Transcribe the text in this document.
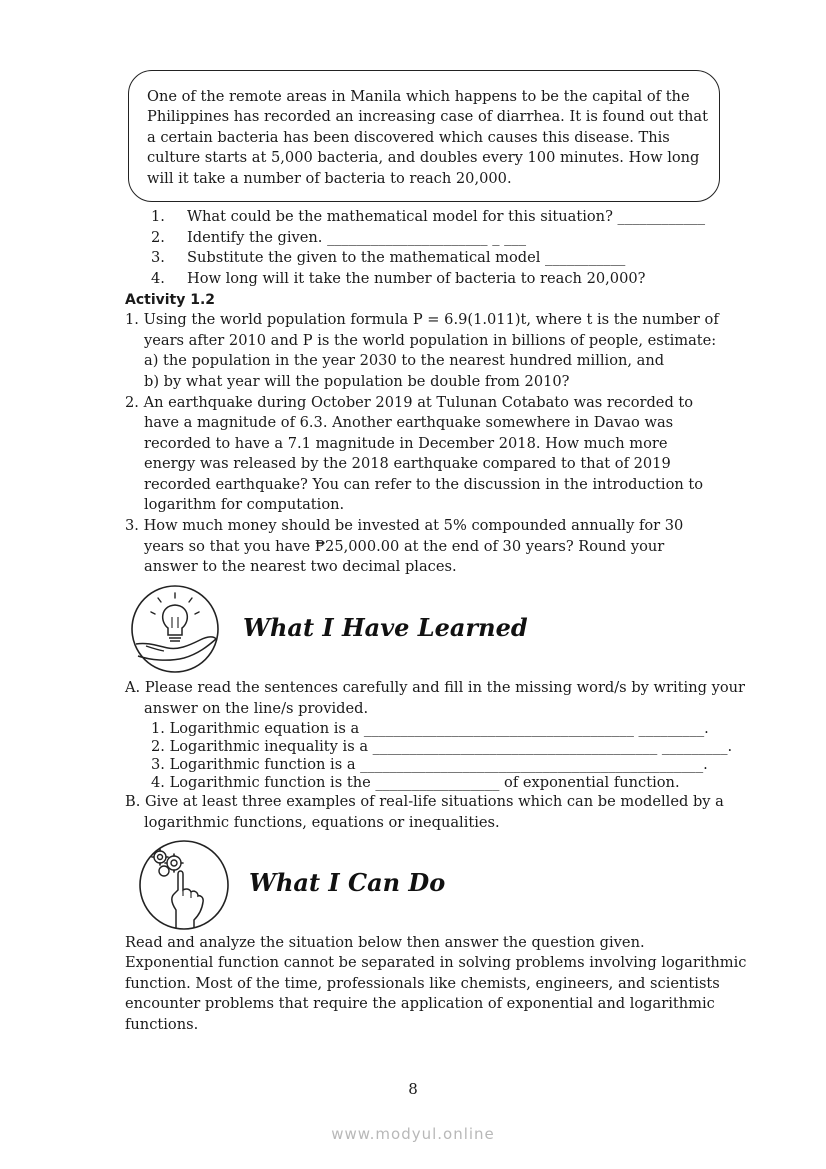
One of the remote areas in Manila which happens to be the capital of the
Philippines has recorded an increasing case of diarrhea. It is found out that
a certain bacteria has been discovered which causes this disease. This
culture starts at 5,000 bacteria, and doubles every 100 minutes. How long
will it take a number of bacteria to reach 20,000.
1. What could be the mathematical model for this situation? ____________
2. Identify the given. ______________________ _ ___
3. Substitute the given to the mathematical model ___________
4. How long will it take the number of bacteria to reach 20,000?
Activity 1.2
1. Using the world population formula P = 6.9(1.011)t, where t is the number of
years after 2010 and P is the world population in billions of people, estimate:
a) the population in the year 2030 to the nearest hundred million, and
b) by what year will the population be double from 2010?
2. An earthquake during October 2019 at Tulunan Cotabato was recorded to
have a magnitude of 6.3. Another earthquake somewhere in Davao was
recorded to have a 7.1 magnitude in December 2018. How much more
energy was released by the 2018 earthquake compared to that of 2019
recorded earthquake? You can refer to the discussion in the introduction to
logarithm for computation.
3. How much money should be invested at 5% compounded annually for 30
years so that you have ₱25,000.00 at the end of 30 years? Round your
answer to the nearest two decimal places.
What I Have Learned
A. Please read the sentences carefully and fill in the missing word/s by writing your
answer on the line/s provided.
1. Logarithmic equation is a _____________________________________ _________.
2. Logarithmic inequality is a _______________________________________ _________.
3. Logarithmic function is a _______________________________________________.
4. Logarithmic function is the _________________ of exponential function.
B. Give at least three examples of real-life situations which can be modelled by a
logarithmic functions, equations or inequalities.
What I Can Do
Read and analyze the situation below then answer the question given.
Exponential function cannot be separated in solving problems involving logarithmic
function. Most of the time, professionals like chemists, engineers, and scientists
encounter problems that require the application of exponential and logarithmic
functions.
8
www.modyul.online
